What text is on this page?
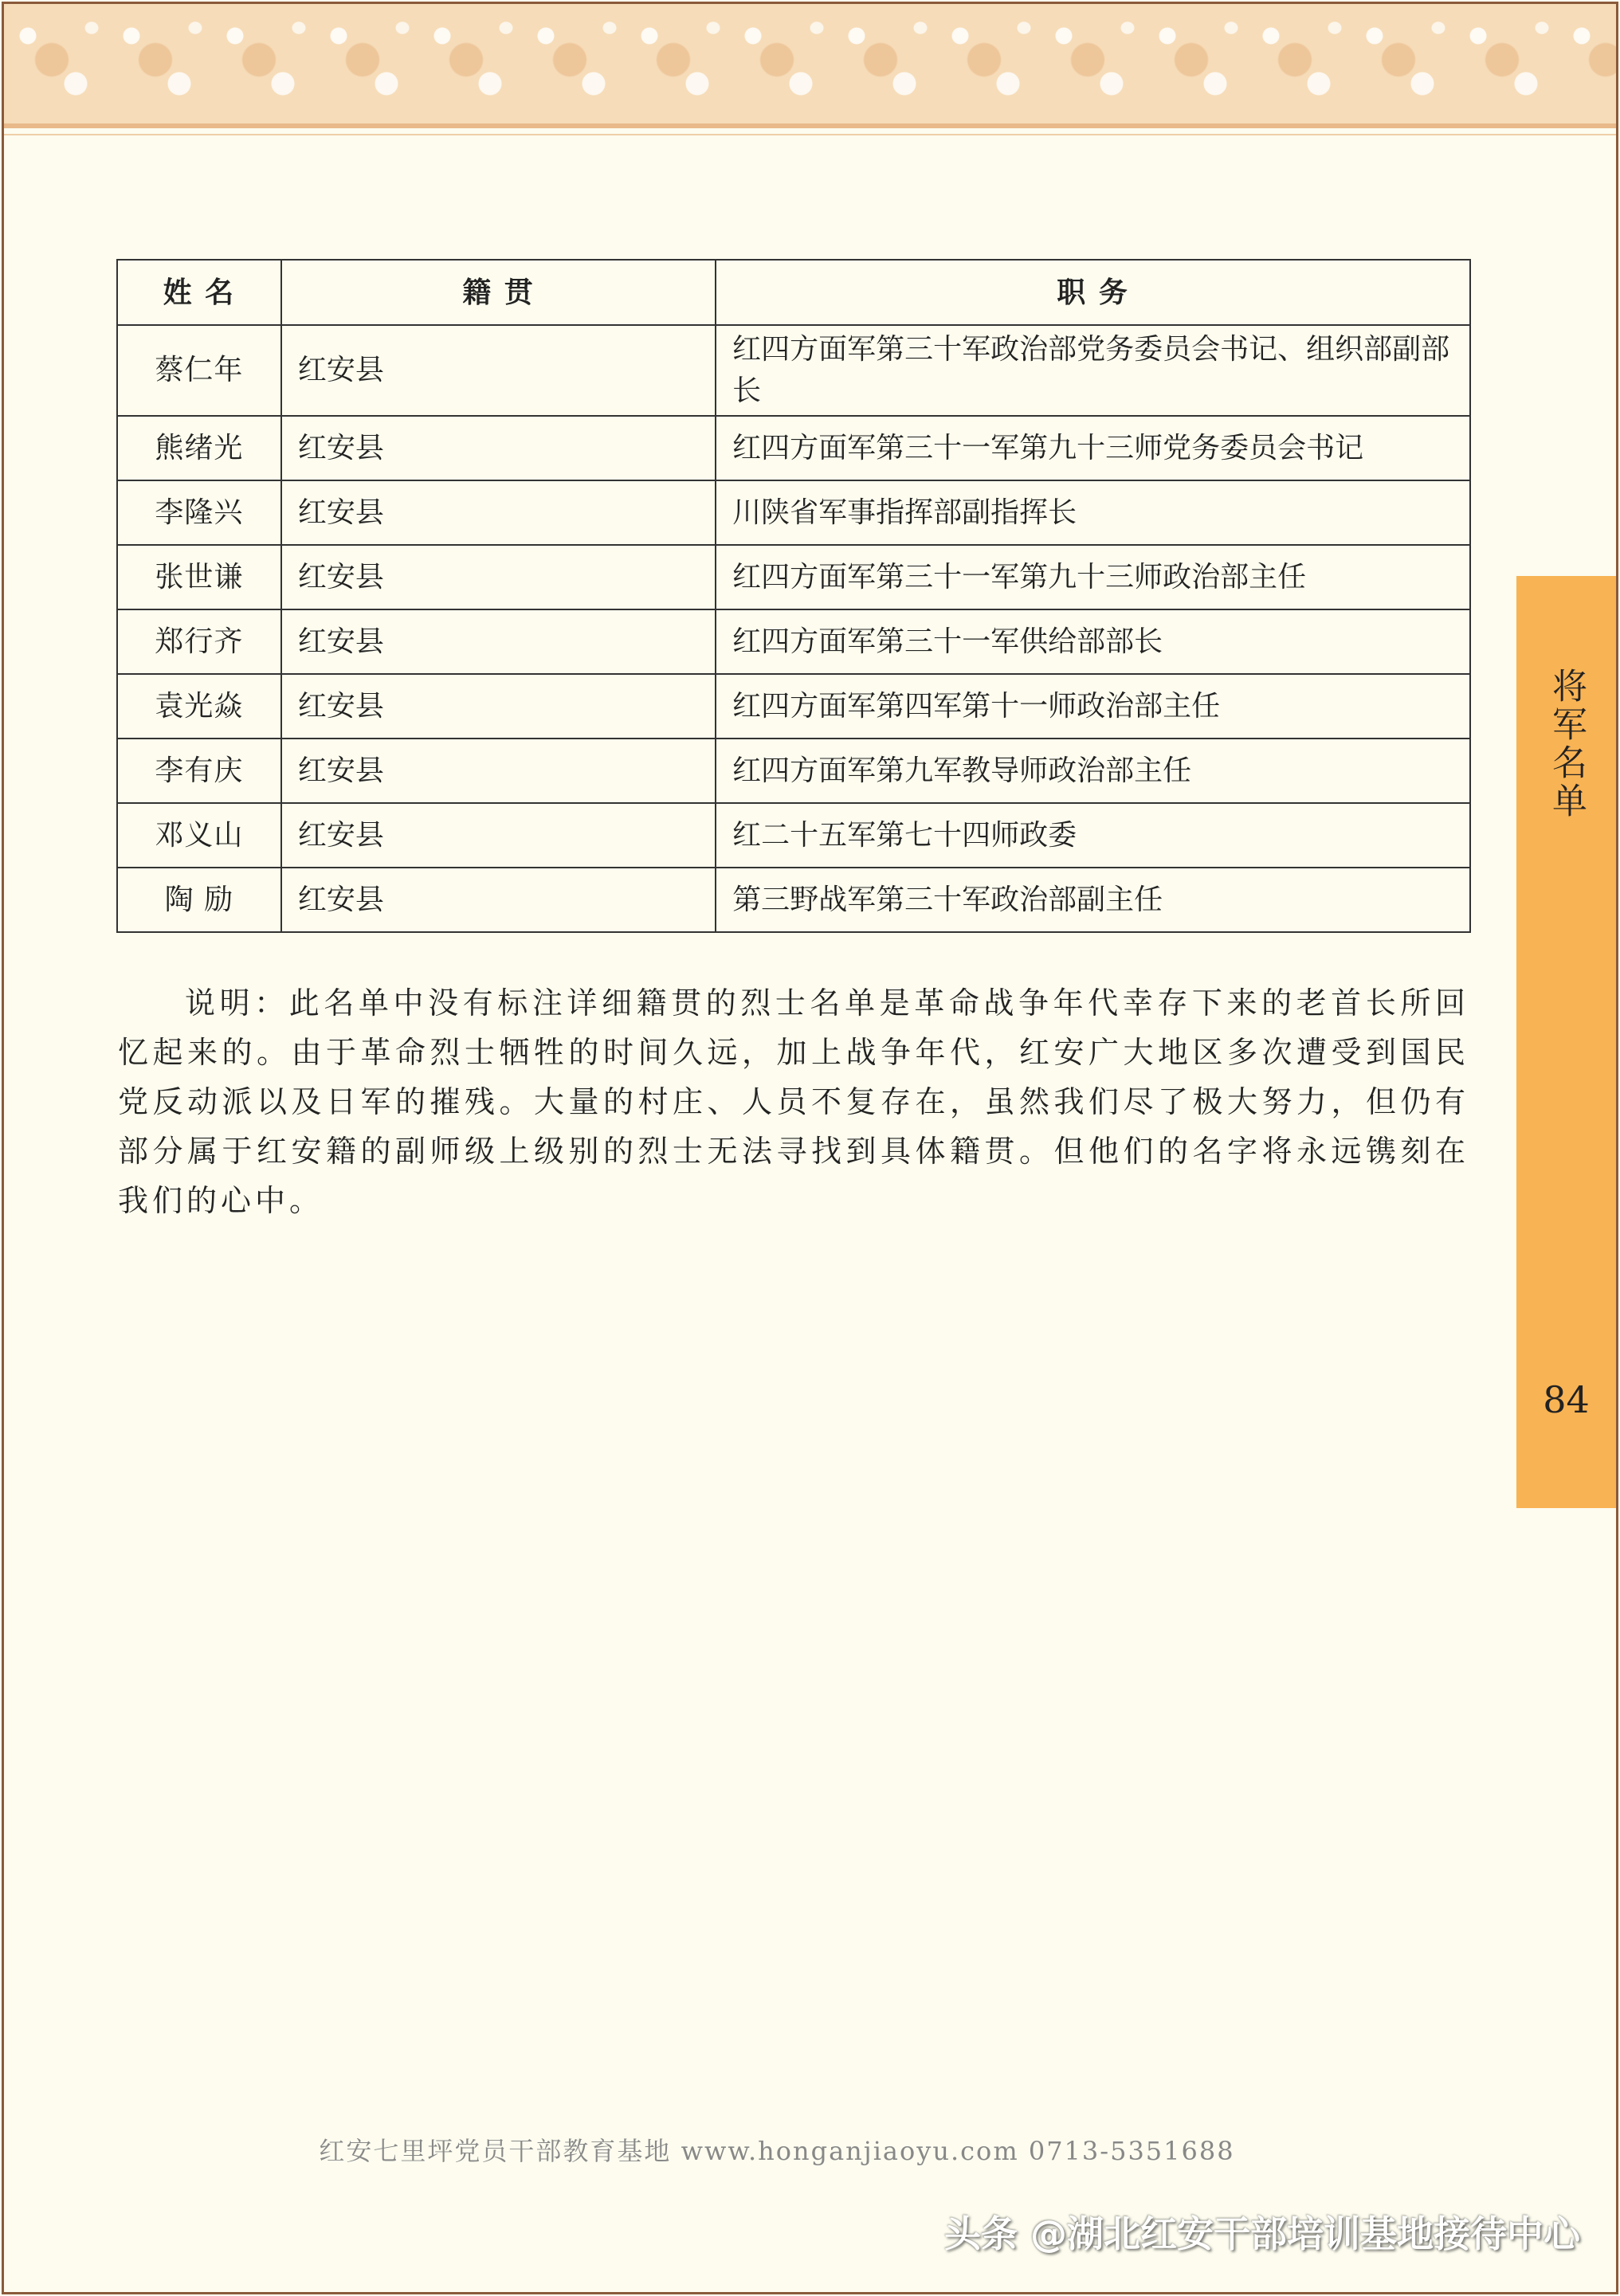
姓 名	籍 贯	职 务
蔡仁年	红安县	红四方面军第三十军政治部党务委员会书记、组织部副部长
熊绪光	红安县	红四方面军第三十一军第九十三师党务委员会书记
李隆兴	红安县	川陕省军事指挥部副指挥长
张世谦	红安县	红四方面军第三十一军第九十三师政治部主任
郑行齐	红安县	红四方面军第三十一军供给部部长
袁光焱	红安县	红四方面军第四军第十一师政治部主任
李有庆	红安县	红四方面军第九军教导师政治部主任
邓义山	红安县	红二十五军第七十四师政委
陶 励	红安县	第三野战军第三十军政治部副主任

说明：此名单中没有标注详细籍贯的烈士名单是革命战争年代幸存下来的老首长所回忆起来的。由于革命烈士牺牲的时间久远，加上战争年代，红安广大地区多次遭受到国民党反动派以及日军的摧残。大量的村庄、人员不复存在，虽然我们尽了极大努力，但仍有部分属于红安籍的副师级上级别的烈士无法寻找到具体籍贯。但他们的名字将永远镌刻在我们的心中。

将军名单
84
红安七里坪党员干部教育基地 www.honganjiaoyu.com 0713-5351688
头条 @湖北红安干部培训基地接待中心
